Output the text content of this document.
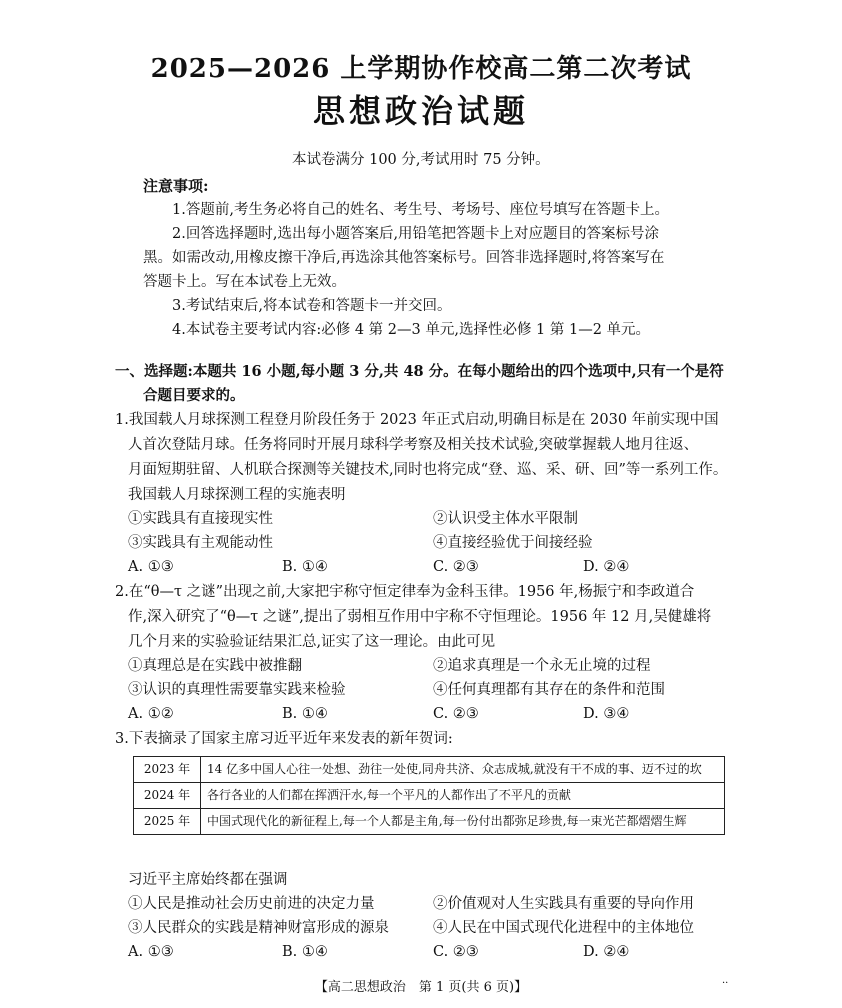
2025—2026 上学期协作校高二第二次考试
思想政治试题
本试卷满分 100 分,考试用时 75 分钟。
注意事项:
1.答题前,考生务必将自己的姓名、考生号、考场号、座位号填写在答题卡上。
2.回答选择题时,选出每小题答案后,用铅笔把答题卡上对应题目的答案标号涂
黑。如需改动,用橡皮擦干净后,再选涂其他答案标号。回答非选择题时,将答案写在
答题卡上。写在本试卷上无效。
3.考试结束后,将本试卷和答题卡一并交回。
4.本试卷主要考试内容:必修 4 第 2—3 单元,选择性必修 1 第 1—2 单元。
一、选择题:本题共 16 小题,每小题 3 分,共 48 分。在每小题给出的四个选项中,只有一个是符
合题目要求的。
1.我国载人月球探测工程登月阶段任务于 2023 年正式启动,明确目标是在 2030 年前实现中国
人首次登陆月球。任务将同时开展月球科学考察及相关技术试验,突破掌握载人地月往返、
月面短期驻留、人机联合探测等关键技术,同时也将完成“登、巡、采、研、回”等一系列工作。
我国载人月球探测工程的实施表明
①实践具有直接现实性	②认识受主体水平限制
③实践具有主观能动性	④直接经验优于间接经验
A. ①③	B. ①④	C. ②③	D. ②④
2.在“θ—τ 之谜”出现之前,大家把宇称守恒定律奉为金科玉律。1956 年,杨振宁和李政道合
作,深入研究了“θ—τ 之谜”,提出了弱相互作用中宇称不守恒理论。1956 年 12 月,吴健雄将
几个月来的实验验证结果汇总,证实了这一理论。由此可见
①真理总是在实践中被推翻	②追求真理是一个永无止境的过程
③认识的真理性需要靠实践来检验	④任何真理都有其存在的条件和范围
A. ①②	B. ①④	C. ②③	D. ③④
3.下表摘录了国家主席习近平近年来发表的新年贺词:
2023 年	14 亿多中国人心往一处想、劲往一处使,同舟共济、众志成城,就没有干不成的事、迈不过的坎
2024 年	各行各业的人们都在挥洒汗水,每一个平凡的人都作出了不平凡的贡献
2025 年	中国式现代化的新征程上,每一个人都是主角,每一份付出都弥足珍贵,每一束光芒都熠熠生辉
习近平主席始终都在强调
①人民是推动社会历史前进的决定力量	②价值观对人生实践具有重要的导向作用
③人民群众的实践是精神财富形成的源泉	④人民在中国式现代化进程中的主体地位
A. ①③	B. ①④	C. ②③	D. ②④
【高二思想政治　第 1 页(共 6 页)】	··
